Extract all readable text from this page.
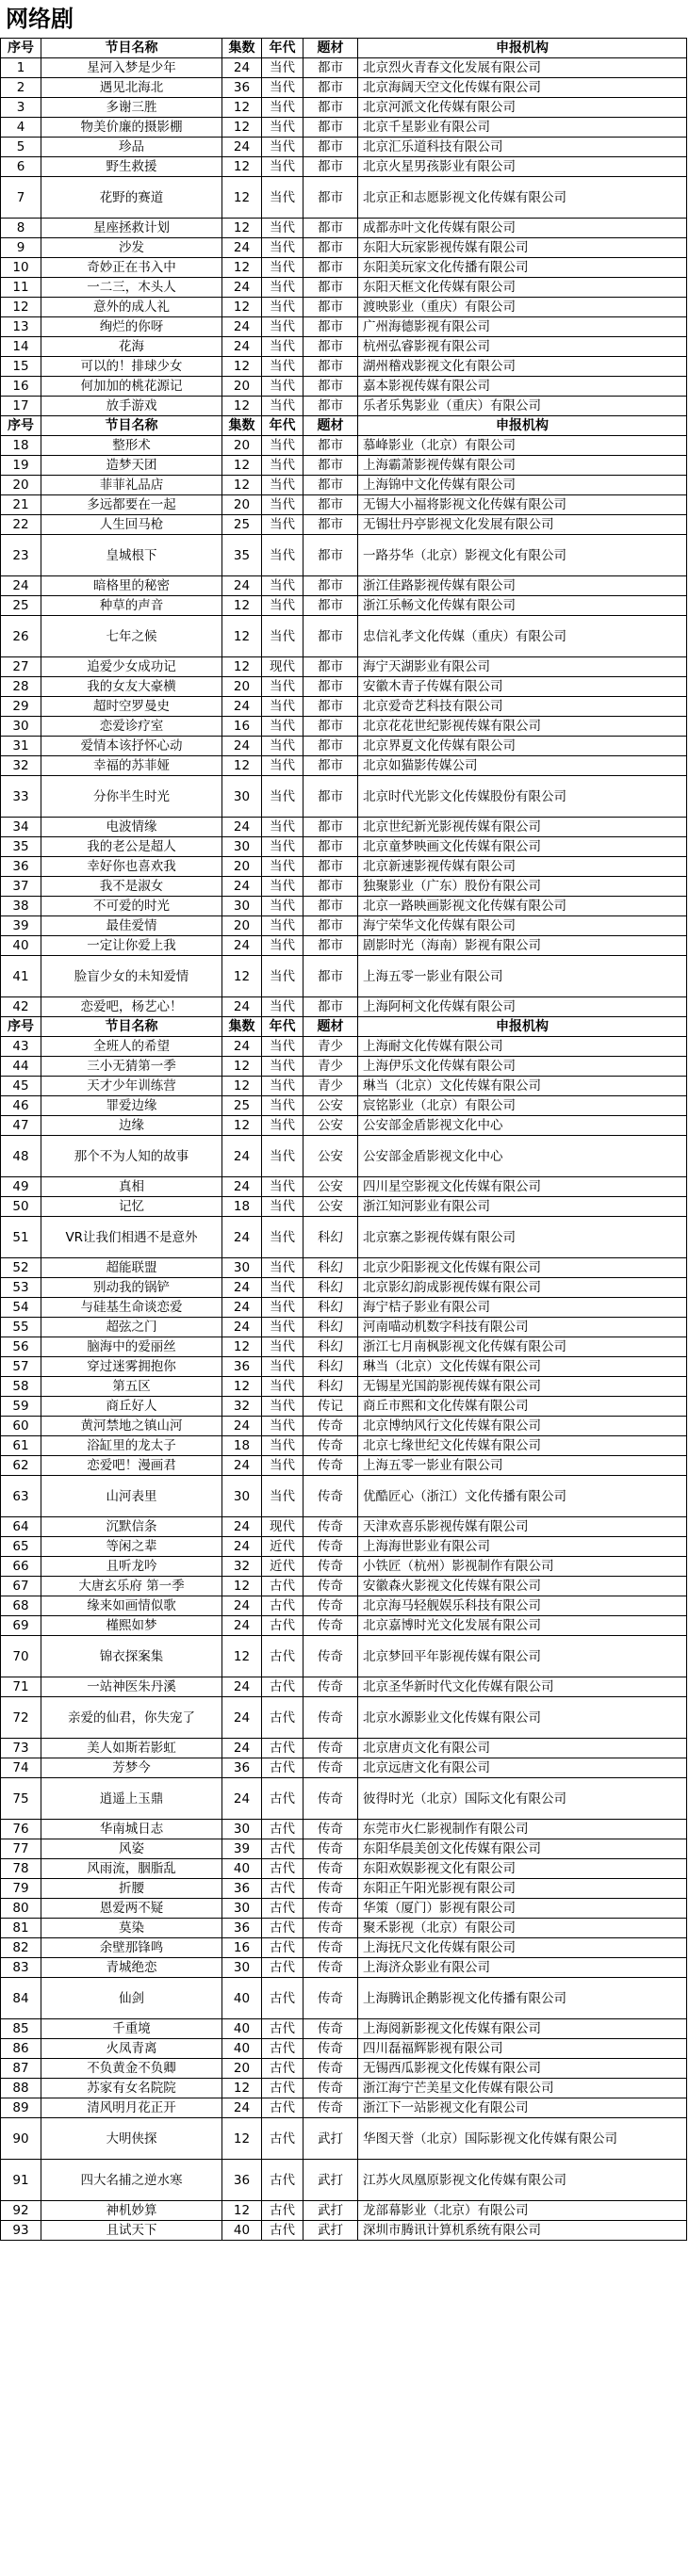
网络剧
序号	节目名称	集数	年代	题材	申报机构
1	星河入梦是少年	24	当代	都市	北京烈火青春文化发展有限公司
2	遇见北海北	36	当代	都市	北京海阔天空文化传媒有限公司
3	多谢三胜	12	当代	都市	北京河派文化传媒有限公司
4	物美价廉的摄影棚	12	当代	都市	北京千星影业有限公司
5	珍品	24	当代	都市	北京汇乐道科技有限公司
6	野生救援	12	当代	都市	北京火星男孩影业有限公司
7	花野的赛道	12	当代	都市	北京正和志愿影视文化传媒有限公司
8	星座拯救计划	12	当代	都市	成都赤叶文化传媒有限公司
9	沙发	24	当代	都市	东阳大玩家影视传媒有限公司
10	奇妙正在书入中	12	当代	都市	东阳美玩家文化传播有限公司
11	一二三，木头人	24	当代	都市	东阳天框文化传媒有限公司
12	意外的成人礼	12	当代	都市	渡映影业（重庆）有限公司
13	绚烂的你呀	24	当代	都市	广州海德影视有限公司
14	花海	24	当代	都市	杭州弘睿影视有限公司
15	可以的！排球少女	12	当代	都市	湖州稽戏影视文化有限公司
16	何加加的桃花源记	20	当代	都市	嘉本影视传媒有限公司
17	放手游戏	12	当代	都市	乐者乐隽影业（重庆）有限公司
序号	节目名称	集数	年代	题材	申报机构
18	整形术	20	当代	都市	慕峰影业（北京）有限公司
19	造梦天团	12	当代	都市	上海霸萧影视传媒有限公司
20	菲菲礼品店	12	当代	都市	上海锦中文化传媒有限公司
21	多远都要在一起	20	当代	都市	无锡大小福将影视文化传媒有限公司
22	人生回马枪	25	当代	都市	无锡壮丹亭影视文化发展有限公司
23	皇城根下	35	当代	都市	一路芬华（北京）影视文化有限公司
24	暗格里的秘密	24	当代	都市	浙江佳路影视传媒有限公司
25	种草的声音	12	当代	都市	浙江乐畅文化传媒有限公司
26	七年之候	12	当代	都市	忠信礼孝文化传媒（重庆）有限公司
27	追爱少女成功记	12	现代	都市	海宁天湖影业有限公司
28	我的女友大豪横	20	当代	都市	安徽木青子传媒有限公司
29	超时空罗曼史	24	当代	都市	北京爱奇艺科技有限公司
30	恋爱诊疗室	16	当代	都市	北京花花世纪影视传媒有限公司
31	爱情本该抒怀心动	24	当代	都市	北京界夏文化传媒有限公司
32	幸福的苏菲娅	12	当代	都市	北京如猫影传媒公司
33	分你半生时光	30	当代	都市	北京时代光影文化传媒股份有限公司
34	电波情缘	24	当代	都市	北京世纪新光影视传媒有限公司
35	我的老公是超人	30	当代	都市	北京童梦映画文化传媒有限公司
36	幸好你也喜欢我	20	当代	都市	北京新速影视传媒有限公司
37	我不是淑女	24	当代	都市	独聚影业（广东）股份有限公司
38	不可爱的时光	30	当代	都市	北京一路映画影视文化传媒有限公司
39	最佳爱情	20	当代	都市	海宁荣华文化传媒有限公司
40	一定让你爱上我	24	当代	都市	剧影时光（海南）影视有限公司
41	脸盲少女的未知爱情	12	当代	都市	上海五零一影业有限公司
42	恋爱吧，杨艺心！	24	当代	都市	上海阿柯文化传媒有限公司
序号	节目名称	集数	年代	题材	申报机构
43	全班人的希望	24	当代	青少	上海耐文化传媒有限公司
44	三小无猜第一季	12	当代	青少	上海伊乐文化传媒有限公司
45	天才少年训练营	12	当代	青少	琳当（北京）文化传媒有限公司
46	罪爱边缘	25	当代	公安	宸铭影业（北京）有限公司
47	边缘	12	当代	公安	公安部金盾影视文化中心
48	那个不为人知的故事	24	当代	公安	公安部金盾影视文化中心
49	真相	24	当代	公安	四川星空影视文化传媒有限公司
50	记忆	18	当代	公安	浙江知河影业有限公司
51	VR让我们相遇不是意外	24	当代	科幻	北京寨之影视传媒有限公司
52	超能联盟	30	当代	科幻	北京少阳影视文化传媒有限公司
53	别动我的锅铲	24	当代	科幻	北京影幻韵成影视传媒有限公司
54	与硅基生命谈恋爱	24	当代	科幻	海宁桔子影业有限公司
55	超弦之门	24	当代	科幻	河南喵动机数字科技有限公司
56	脑海中的爱丽丝	12	当代	科幻	浙江七月南枫影视文化传媒有限公司
57	穿过迷雾拥抱你	36	当代	科幻	琳当（北京）文化传媒有限公司
58	第五区	12	当代	科幻	无锡星光国韵影视传媒有限公司
59	商丘好人	32	当代	传记	商丘市熙和文化传媒有限公司
60	黄河禁地之镇山河	24	当代	传奇	北京博纳风行文化传媒有限公司
61	浴缸里的龙太子	18	当代	传奇	北京七缘世纪文化传媒有限公司
62	恋爱吧！漫画君	24	当代	传奇	上海五零一影业有限公司
63	山河表里	30	当代	传奇	优酷匠心（浙江）文化传播有限公司
64	沉默信条	24	现代	传奇	天津欢喜乐影视传媒有限公司
65	等闲之辈	24	近代	传奇	上海海世影业有限公司
66	且听龙吟	32	近代	传奇	小铁匠（杭州）影视制作有限公司
67	大唐玄乐府 第一季	12	古代	传奇	安徽森火影视文化传媒有限公司
68	缘来如画情似歌	24	古代	传奇	北京海马轻舰娱乐科技有限公司
69	槿熙如梦	24	古代	传奇	北京嘉博时光文化发展有限公司
70	锦衣探案集	12	古代	传奇	北京梦回平年影视传媒有限公司
71	一站神医朱丹溪	24	古代	传奇	北京圣华新时代文化传媒有限公司
72	亲爱的仙君，你失宠了	24	古代	传奇	北京水源影业文化传媒有限公司
73	美人如斯若影虹	24	古代	传奇	北京唐贞文化有限公司
74	芳梦今	36	古代	传奇	北京远唐文化有限公司
75	逍遥上玉鼎	24	古代	传奇	彼得时光（北京）国际文化有限公司
76	华南城日志	30	古代	传奇	东莞市火仁影视制作有限公司
77	风姿	39	古代	传奇	东阳华晨美创文化传媒有限公司
78	风雨流，胭脂乱	40	古代	传奇	东阳欢娱影视文化有限公司
79	折腰	36	古代	传奇	东阳正午阳光影视有限公司
80	恩爱两不疑	30	古代	传奇	华策（厦门）影视有限公司
81	莫染	36	古代	传奇	聚禾影视（北京）有限公司
82	余壁那锋鸣	16	古代	传奇	上海抚尺文化传媒有限公司
83	青城绝恋	30	古代	传奇	上海济众影业有限公司
84	仙剑	40	古代	传奇	上海腾讯企鹅影视文化传播有限公司
85	千重境	40	古代	传奇	上海阅新影视文化传媒有限公司
86	火凤青离	40	古代	传奇	四川磊福辉影视有限公司
87	不负黄金不负卿	20	古代	传奇	无锡西瓜影视文化传媒有限公司
88	苏家有女名院院	12	古代	传奇	浙江海宁芒美星文化传媒有限公司
89	清风明月花正开	24	古代	传奇	浙江下一站影视文化有限公司
90	大明侠探	12	古代	武打	华图天誉（北京）国际影视文化传媒有限公司
91	四大名捕之逆水寒	36	古代	武打	江苏火凤凰原影视文化传媒有限公司
92	神机妙算	12	古代	武打	龙部幕影业（北京）有限公司
93	且试天下	40	古代	武打	深圳市腾讯计算机系统有限公司
